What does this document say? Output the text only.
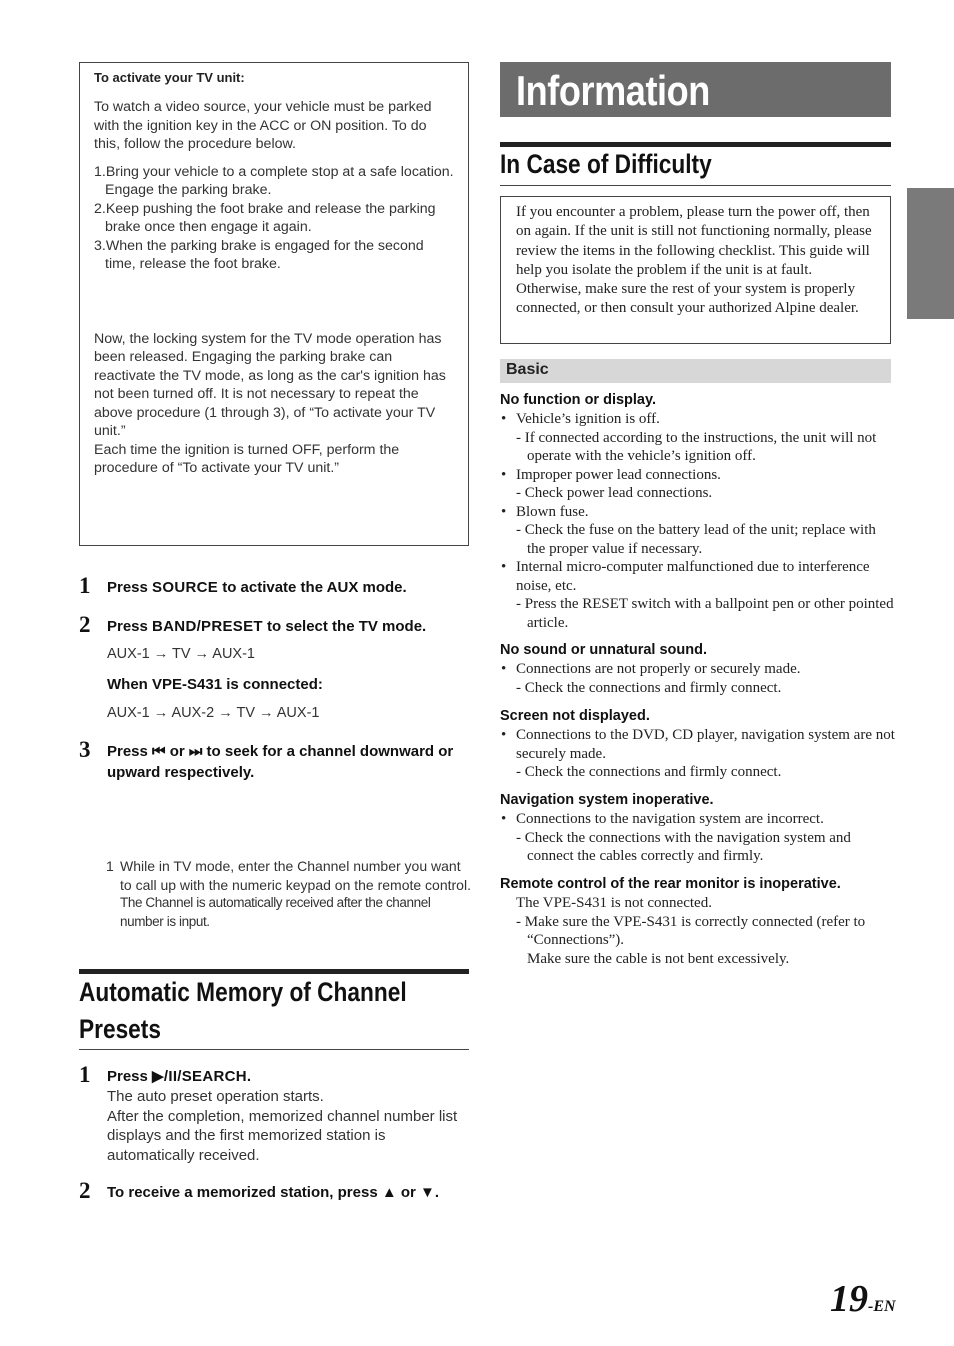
To activate your TV unit:

To watch a video source, your vehicle must be parked with the ignition key in the ACC or ON position. To do this, follow the procedure below.

1.Bring your vehicle to a complete stop at a safe location. Engage the parking brake.
2.Keep pushing the foot brake and release the parking brake once then engage it again.
3.When the parking brake is engaged for the second time, release the foot brake.

Now, the locking system for the TV mode operation has been released. Engaging the parking brake can reactivate the TV mode, as long as the car's ignition has not been turned off. It is not necessary to repeat the above procedure (1 through 3), of “To activate your TV unit.”

Each time the ignition is turned OFF, perform the procedure of “To activate your TV unit.”

1 Press SOURCE to activate the AUX mode.
2 Press BAND/PRESET to select the TV mode.
AUX-1 → TV → AUX-1
When VPE-S431 is connected:
AUX-1 → AUX-2 → TV → AUX-1
3 Press ⏮ or ⏭ to seek for a channel downward or upward respectively.
1 While in TV mode, enter the Channel number you want to call up with the numeric keypad on the remote control.
The Channel is automatically received after the channel number is input.
Automatic Memory of Channel Presets
1 Press ▶/II/SEARCH.
The auto preset operation starts.
After the completion, memorized channel number list displays and the first memorized station is automatically received.
2 To receive a memorized station, press ▲ or ▼.
Information
In Case of Difficulty
If you encounter a problem, please turn the power off, then on again. If the unit is still not functioning normally, please review the items in the following checklist. This guide will help you isolate the problem if the unit is at fault. Otherwise, make sure the rest of your system is properly connected, or then consult your authorized Alpine dealer.
Basic
No function or display.
• Vehicle’s ignition is off.
- If connected according to the instructions, the unit will not operate with the vehicle’s ignition off.
• Improper power lead connections.
- Check power lead connections.
• Blown fuse.
- Check the fuse on the battery lead of the unit; replace with the proper value if necessary.
• Internal micro-computer malfunctioned due to interference noise, etc.
- Press the RESET switch with a ballpoint pen or other pointed article.
No sound or unnatural sound.
• Connections are not properly or securely made.
- Check the connections and firmly connect.
Screen not displayed.
• Connections to the DVD, CD player, navigation system are not securely made.
- Check the connections and firmly connect.
Navigation system inoperative.
• Connections to the navigation system are incorrect.
- Check the connections with the navigation system and connect the cables correctly and firmly.
Remote control of the rear monitor is inoperative.
The VPE-S431 is not connected.
- Make sure the VPE-S431 is correctly connected (refer to “Connections”).
Make sure the cable is not bent excessively.
19-EN
